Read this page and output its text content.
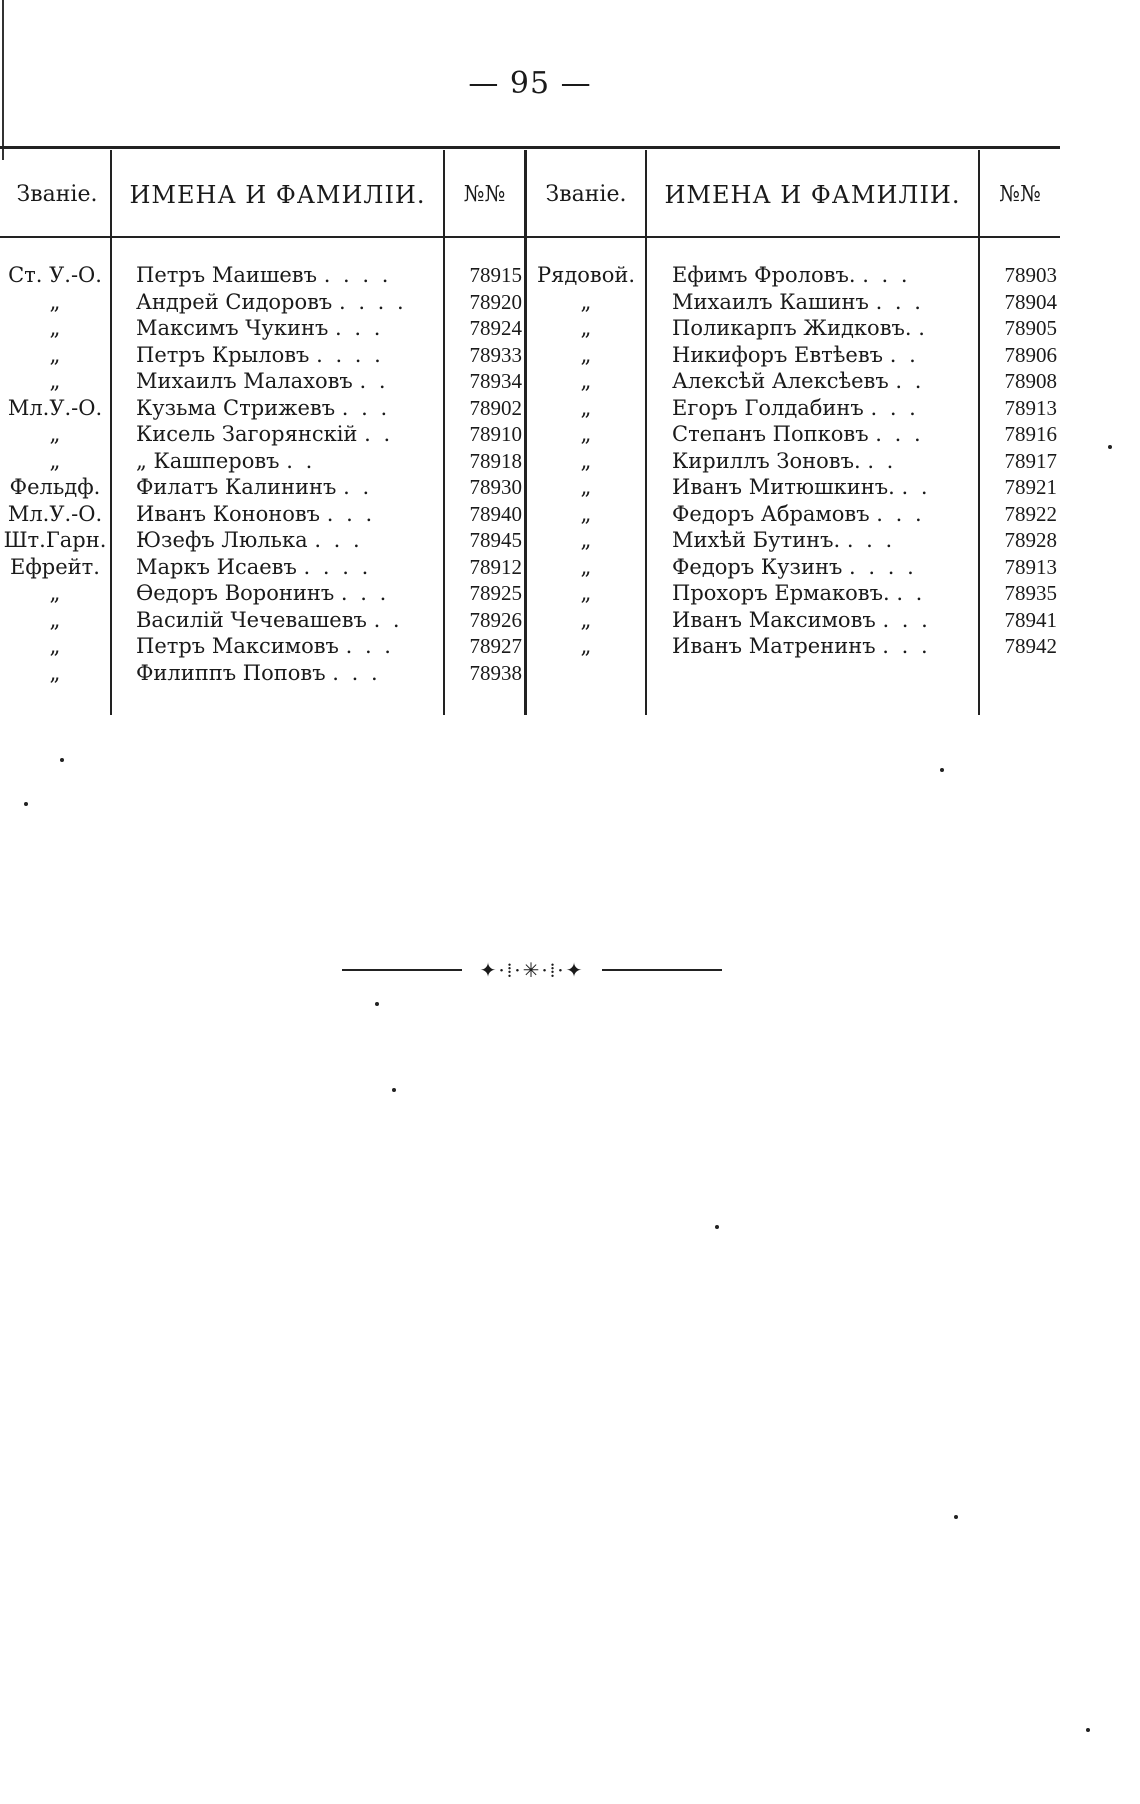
— 95 —
Званіе.	ИМЕНА И ФАМИЛІИ.	№№	Званіе.	ИМЕНА И ФАМИЛІИ.	№№
Ст. У.-О.	Петръ Маишевъ . . . .	78915 Рядовой.	Ефимъ Фроловъ. . . .	78903
„	Андрей Сидоровъ . . . .	78920	„	Михаилъ Кашинъ . . .	78904
„	Максимъ Чукинъ . . .	78924	„	Поликарпъ Жидковъ. .	78905
„	Петръ Крыловъ . . . .	78933	„	Никифоръ Евтѣевъ . .	78906
„	Михаилъ Малаховъ . .	78934	„	Алексѣй Алексѣевъ . .	78908
Мл.У.-О.	Кузьма Стрижевъ . . .	78902	„	Егоръ Голдабинъ . . .	78913
„	Кисель Загорянскій . .	78910	„	Степанъ Попковъ . . .	78916
„	„ Кашперовъ . .	78918	„	Кириллъ Зоновъ. . .	78917
Фельдф.	Филатъ Калининъ . .	78930	„	Иванъ Митюшкинъ. . .	78921
Мл.У.-О.	Иванъ Кононовъ . . .	78940	„	Федоръ Абрамовъ . . .	78922
Шт.Гарн. Юзефъ Люлька . . .	78945	„	Михѣй Бутинъ. . . .	78928
Ефрейт.	Маркъ Исаевъ . . . .	78912	„	Федоръ Кузинъ . . . .	78913
„	Өедоръ Воронинъ . . .	78925	„	Прохоръ Ермаковъ. . .	78935
„	Василій Чечевашевъ . .	78926	„	Иванъ Максимовъ . . .	78941
„	Петръ Максимовъ . . .	78927	„	Иванъ Матренинъ . . .	78942
„	Филиппъ Поповъ . . .	78938
✦·⁞·✳·⁞·✦
